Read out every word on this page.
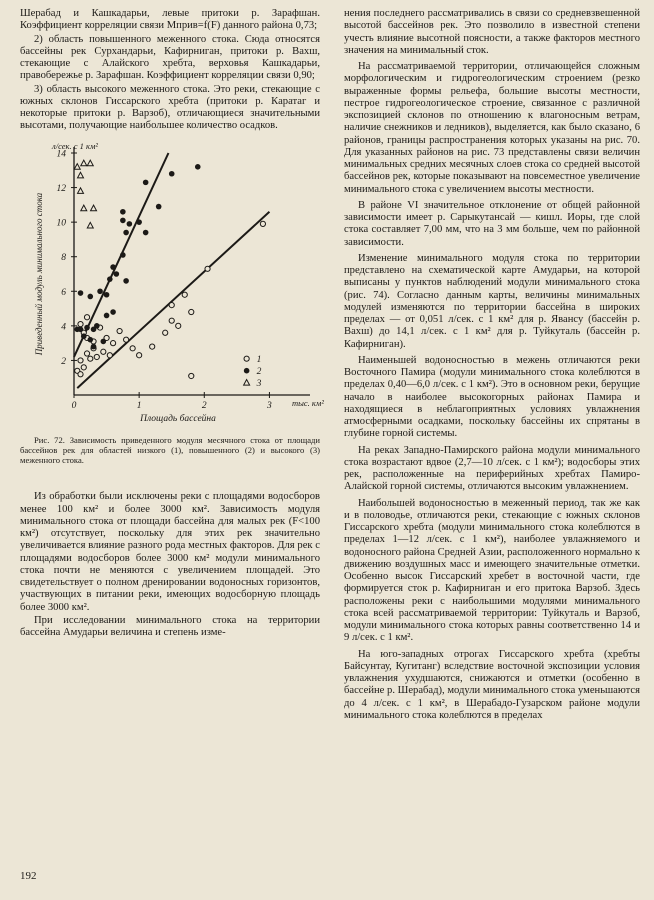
Шерабад и Кашкадарьи, левые притоки р. Зарафшан. Коэффициент корреляции связи Mприв=f(F) данного района 0,73;

2) область повышенного меженного стока. Сюда относятся бассейны рек Сурхандарьи, Кафирниган, притоки р. Вахш, стекающие с Алайского хребта, верховья Кашкадарьи, правобережье р. Зарафшан. Коэффициент корреляции связи 0,90;

3) область высокого меженного стока. Это реки, стекающие с южных склонов Гиссарского хребта (притоки р. Каратаг и некоторые притоки р. Варзоб), отличающиеся значительными высотами, получающие наибольшее количество осадков.

2
4
6
8
10
12
14
0	1	2	3
л/сек. с 1 км²
тыс. км²
Площадь бассейна
Приведенный модуль минимального стока
1
2
3

Рис. 72. Зависимость приведенного модуля месячного стока от площади бассейнов рек для областей низкого (1), повышенного (2) и высокого (3) меженного стока.

Из обработки были исключены реки с площадями водосборов менее 100 км² и более 3000 км². Зависимость модуля минимального стока от площади бассейна для малых рек (F<100 км²) отсутствует, поскольку для этих рек значительно увеличивается влияние разного рода местных факторов. Для рек с площадями водосборов более 3000 км² модули минимального стока почти не меняются с увеличением площадей. Это свидетельствует о полном дренировании водоносных горизонтов, участвующих в питании реки, имеющих водосборную площадь более 3000 км².

При исследовании минимального стока на территории бассейна Амударьи величина и степень изме-

нения последнего рассматривались в связи со средневзвешенной высотой бассейнов рек. Это позволило в известной степени учесть влияние высотной поясности, а также факторов местного значения на минимальный сток.

На рассматриваемой территории, отличающейся сложным морфологическим и гидрогеологическим строением (резко выраженные формы рельефа, большие высоты местности, пестрое гидрогеологическое строение, связанное с различной экспозицией склонов по отношению к влагоносным ветрам, наличие снежников и ледников), выделяется, как было сказано, 6 районов, границы распространения которых указаны на рис. 70. Для указанных районов на рис. 73 представлены связи величин минимальных средних месячных слоев стока со средней высотой бассейнов рек, которые показывают на повсеместное увеличение минимального стока с увеличением высоты местности.

В районе VI значительное отклонение от общей районной зависимости имеет р. Сарыкутансай — кишл. Иоры, где слой стока составляет 7,00 мм, что на 3 мм больше, чем по районной зависимости.

Изменение минимального модуля стока по территории представлено на схематической карте Амударьи, на которой выписаны у пунктов наблюдений модули минимального стока (рис. 74). Согласно данным карты, величины минимальных модулей изменяются по территории бассейна в широких пределах — от 0,051 л/сек. с 1 км² для р. Явансу (бассейн р. Вахш) до 14,1 л/сек. с 1 км² для р. Туйкуталь (бассейн р. Кафирниган).

Наименьшей водоносностью в межень отличаются реки Восточного Памира (модули минимального стока колеблются в пределах 0,40—6,0 л/сек. с 1 км²). Это в основном реки, берущие начало в наиболее высокогорных районах Памира и находящиеся в неблагоприятных условиях увлажнения атмосферными осадками, поскольку бассейны их спрятаны в глубине горной системы.

На реках Западно-Памирского района модули минимального стока возрастают вдвое (2,7—10 л/сек. с 1 км²); водосборы этих рек, расположенные на периферийных хребтах Памиро-Алайской горной системы, отличаются высоким увлажнением.

Наибольшей водоносностью в меженный период, так же как и в половодье, отличаются реки, стекающие с южных склонов Гиссарского хребта (модули минимального стока колеблются в пределах 1—12 л/сек. с 1 км²), наиболее увлажняемого и водоносного района Средней Азии, расположенного нормально к движению воздушных масс и имеющего значительные отметки. Особенно высок Гиссарский хребет в восточной части, где формируется сток р. Кафирниган и его притока Варзоб. Здесь расположены реки с наибольшими модулями минимального стока всей рассматриваемой территории: Туйкуталь и Варзоб, модули минимального стока которых равны соответственно 14 и 9 л/сек. с 1 км².

На юго-западных отрогах Гиссарского хребта (хребты Байсунтау, Кугитанг) вследствие восточной экспозиции условия увлажнения ухудшаются, снижаются и отметки (особенно в бассейне р. Шерабад), модули минимального стока уменьшаются до 4 л/сек. с 1 км², в Шерабадо-Гузарском районе модули минимального стока колеблются в пределах

192
